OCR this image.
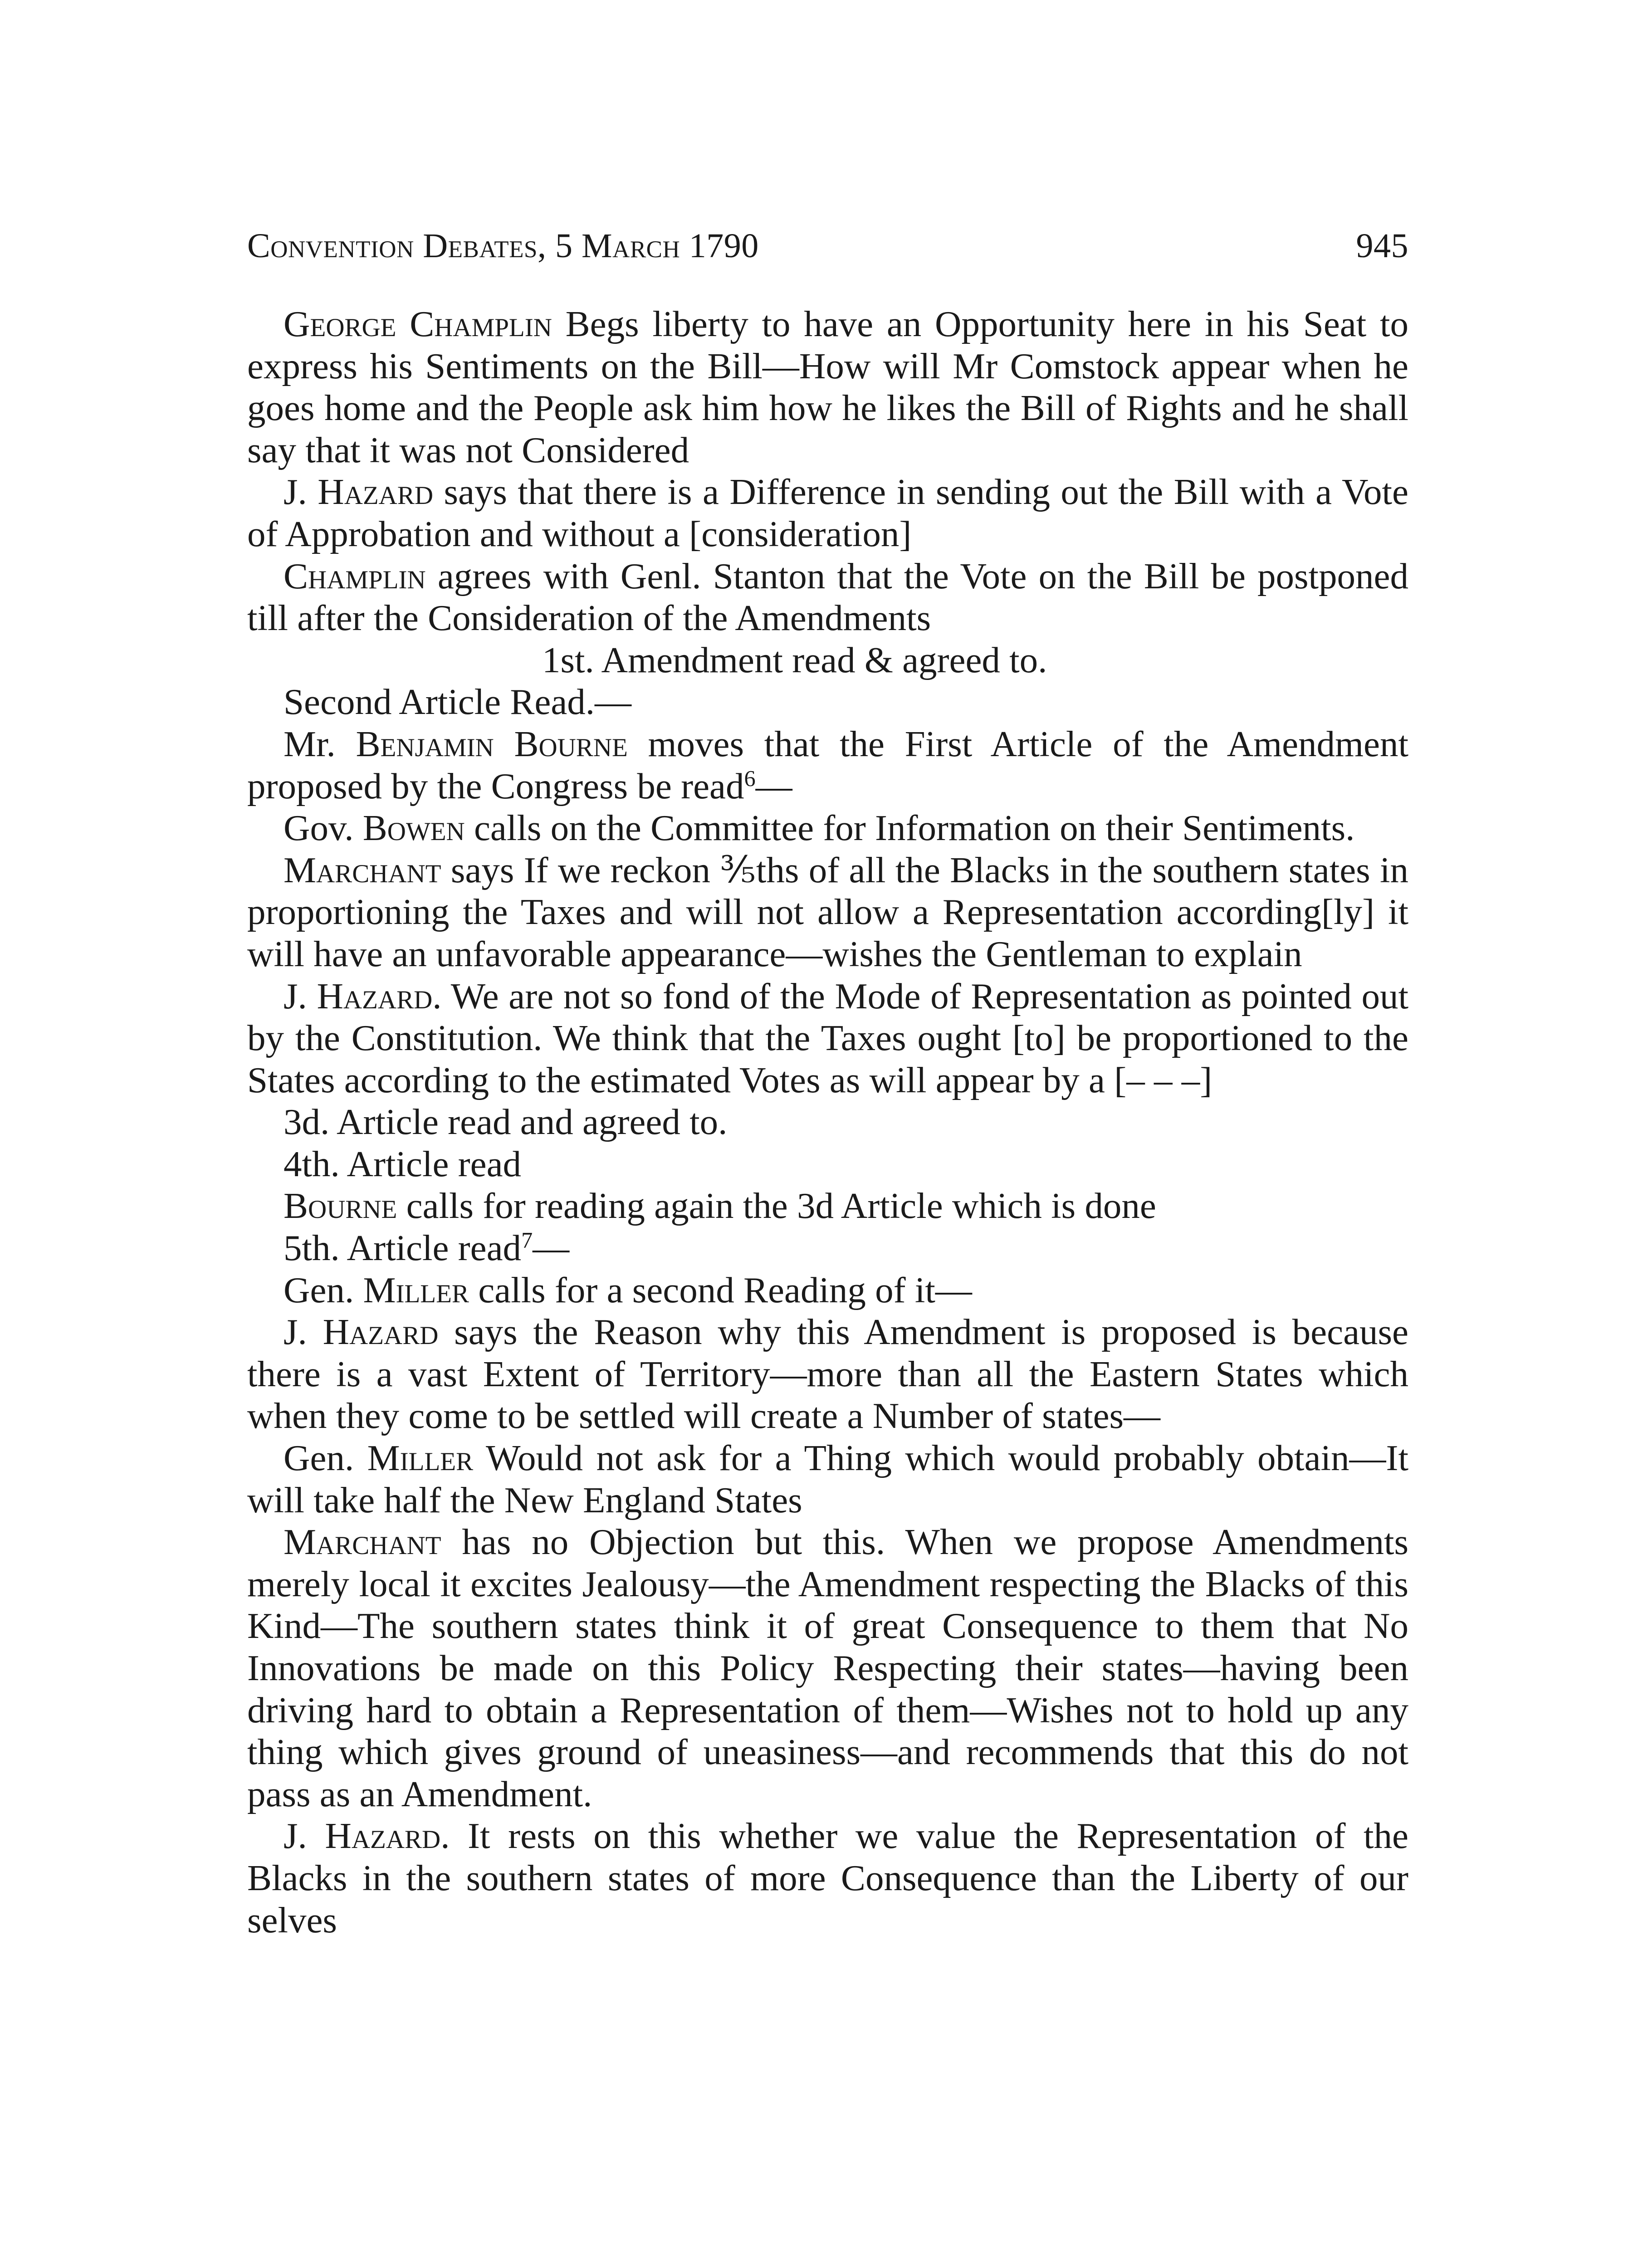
Convention Debates, 5 March 1790	945

George Champlin Begs liberty to have an Opportunity here in his Seat to express his Sentiments on the Bill—How will Mr Comstock appear when he goes home and the People ask him how he likes the Bill of Rights and he shall say that it was not Considered

J. Hazard says that there is a Difference in sending out the Bill with a Vote of Approbation and without a [consideration]

Champlin agrees with Genl. Stanton that the Vote on the Bill be postponed till after the Consideration of the Amendments

1st. Amendment read & agreed to.

Second Article Read.—

Mr. Benjamin Bourne moves that the First Article of the Amendment proposed by the Congress be read$^6$—

Gov. Bowen calls on the Committee for Information on their Sentiments.

Marchant says If we reckon ⅗ths of all the Blacks in the southern states in proportioning the Taxes and will not allow a Representation according[ly] it will have an unfavorable appearance—wishes the Gentleman to explain

J. Hazard. We are not so fond of the Mode of Representation as pointed out by the Constitution. We think that the Taxes ought [to] be proportioned to the States according to the estimated Votes as will appear by a [– – –]

3d. Article read and agreed to.

4th. Article read

Bourne calls for reading again the 3d Article which is done

5th. Article read$^7$—

Gen. Miller calls for a second Reading of it—

J. Hazard says the Reason why this Amendment is proposed is because there is a vast Extent of Territory—more than all the Eastern States which when they come to be settled will create a Number of states—

Gen. Miller Would not ask for a Thing which would probably obtain—It will take half the New England States

Marchant has no Objection but this. When we propose Amendments merely local it excites Jealousy—the Amendment respecting the Blacks of this Kind—The southern states think it of great Consequence to them that No Innovations be made on this Policy Respecting their states—having been driving hard to obtain a Representation of them—Wishes not to hold up any thing which gives ground of uneasiness—and recommends that this do not pass as an Amendment.

J. Hazard. It rests on this whether we value the Representation of the Blacks in the southern states of more Consequence than the Liberty of our selves
